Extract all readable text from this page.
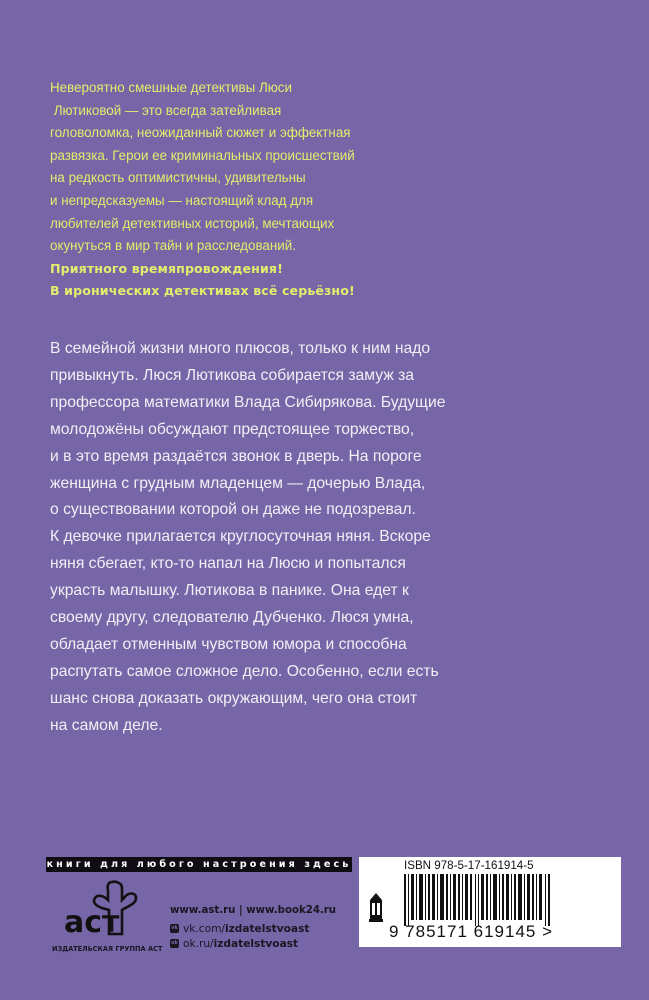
Невероятно смешные детективы Люси
Лютиковой — это всегда затейливая
головоломка, неожиданный сюжет и эффектная
развязка. Герои ее криминальных происшествий
на редкость оптимистичны, удивительны
и непредсказуемы — настоящий клад для
любителей детективных историй, мечтающих
окунуться в мир тайн и расследований.
Приятного времяпровождения!
В иронических детективах всё серьёзно!
В семейной жизни много плюсов, только к ним надо
привыкнуть. Люся Лютикова собирается замуж за
профессора математики Влада Сибирякова. Будущие
молодожёны обсуждают предстоящее торжество,
и в это время раздаётся звонок в дверь. На пороге
женщина с грудным младенцем — дочерью Влада,
о существовании которой он даже не подозревал.
К девочке прилагается круглосуточная няня. Вскоре
няня сбегает, кто-то напал на Люсю и попытался
украсть малышку. Лютикова в панике. Она едет к
своему другу, следователю Дубченко. Люся умна,
обладает отменным чувством юмора и способна
распутать самое сложное дело. Особенно, если есть
шанс снова доказать окружающим, чего она стоит
на самом деле.
книги для любого настроения здесь
аст
ИЗДАТЕЛЬСКАЯ ГРУППА АСТ
www.ast.ru | www.book24.ru
vk vk.com/izdatelstvoast
ok ok.ru/izdatelstvoast
ISBN 978-5-17-161914-5
9 785171 619145 >
